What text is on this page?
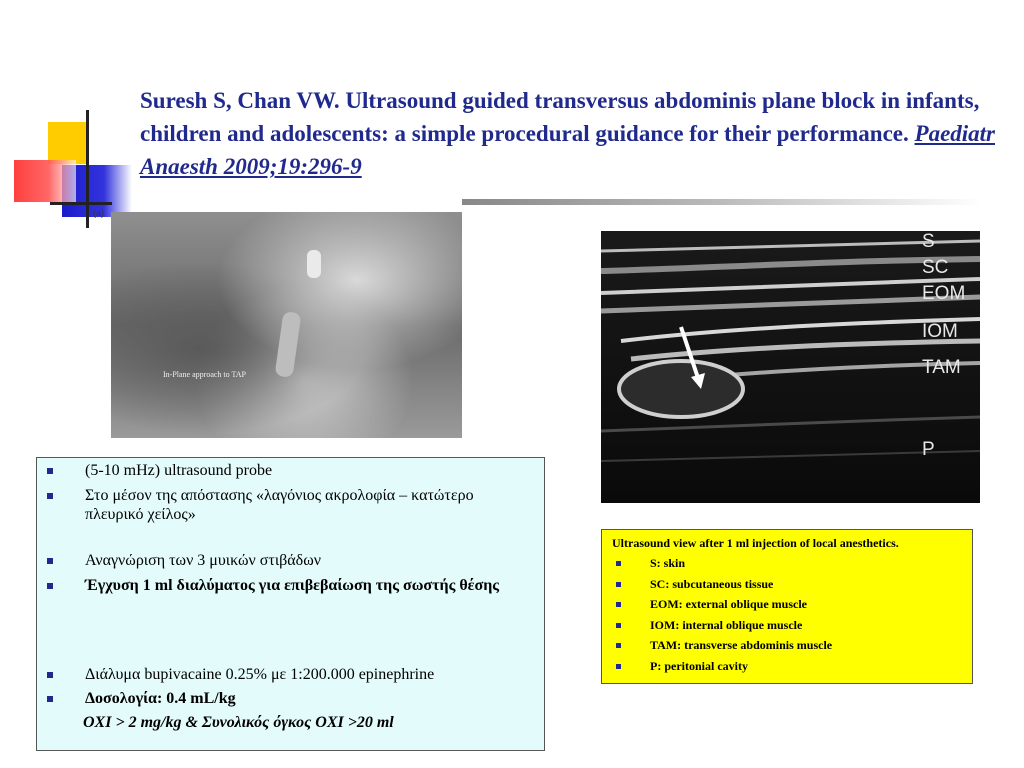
Suresh S, Chan VW. Ultrasound guided transversus abdominis plane block in infants, children and adolescents: a simple procedural guidance for their performance. Paediatr Anaesth 2009;19:296-9
(a)
In-Plane approach to TAP
S
SC
EOM
IOM
TAM
P
(5-10 mHz) ultrasound probe
Στο μέσον της απόστασης «λαγόνιος ακρολοφία – κατώτερο πλευρικό χείλος»
Αναγνώριση των 3 μυικών στιβάδων
Έγχυση 1 ml διαλύματος για επιβεβαίωση της σωστής θέσης
Διάλυμα bupivacaine 0.25% με 1:200.000 epinephrine
Δοσολογία: 0.4 mL/kg
ΟΧΙ > 2 mg/kg & Συνολικός όγκος ΟΧΙ >20 ml
Ultrasound view after 1 ml injection of local anesthetics.
S: skin
SC: subcutaneous tissue
EOM: external oblique muscle
IOM: internal oblique muscle
TAM: transverse abdominis muscle
P: peritonial cavity
